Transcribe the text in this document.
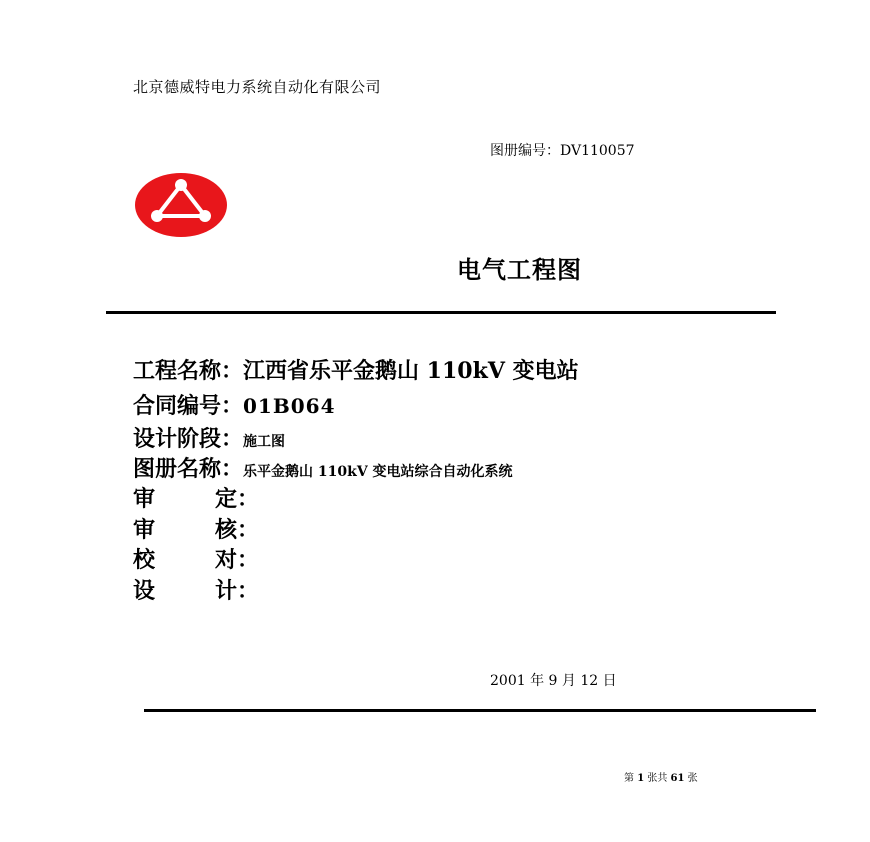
北京德威特电力系统自动化有限公司
图册编号：DV110057
电气工程图
工程名称： 江西省乐平金鹅山 110kV 变电站
合同编号： 01B064
设计阶段： 施工图
图册名称： 乐平金鹅山 110kV 变电站综合自动化系统
审	定：
审	核：
校	对：
设	计：
2001 年 9 月 12 日
第 1 张共 61 张
